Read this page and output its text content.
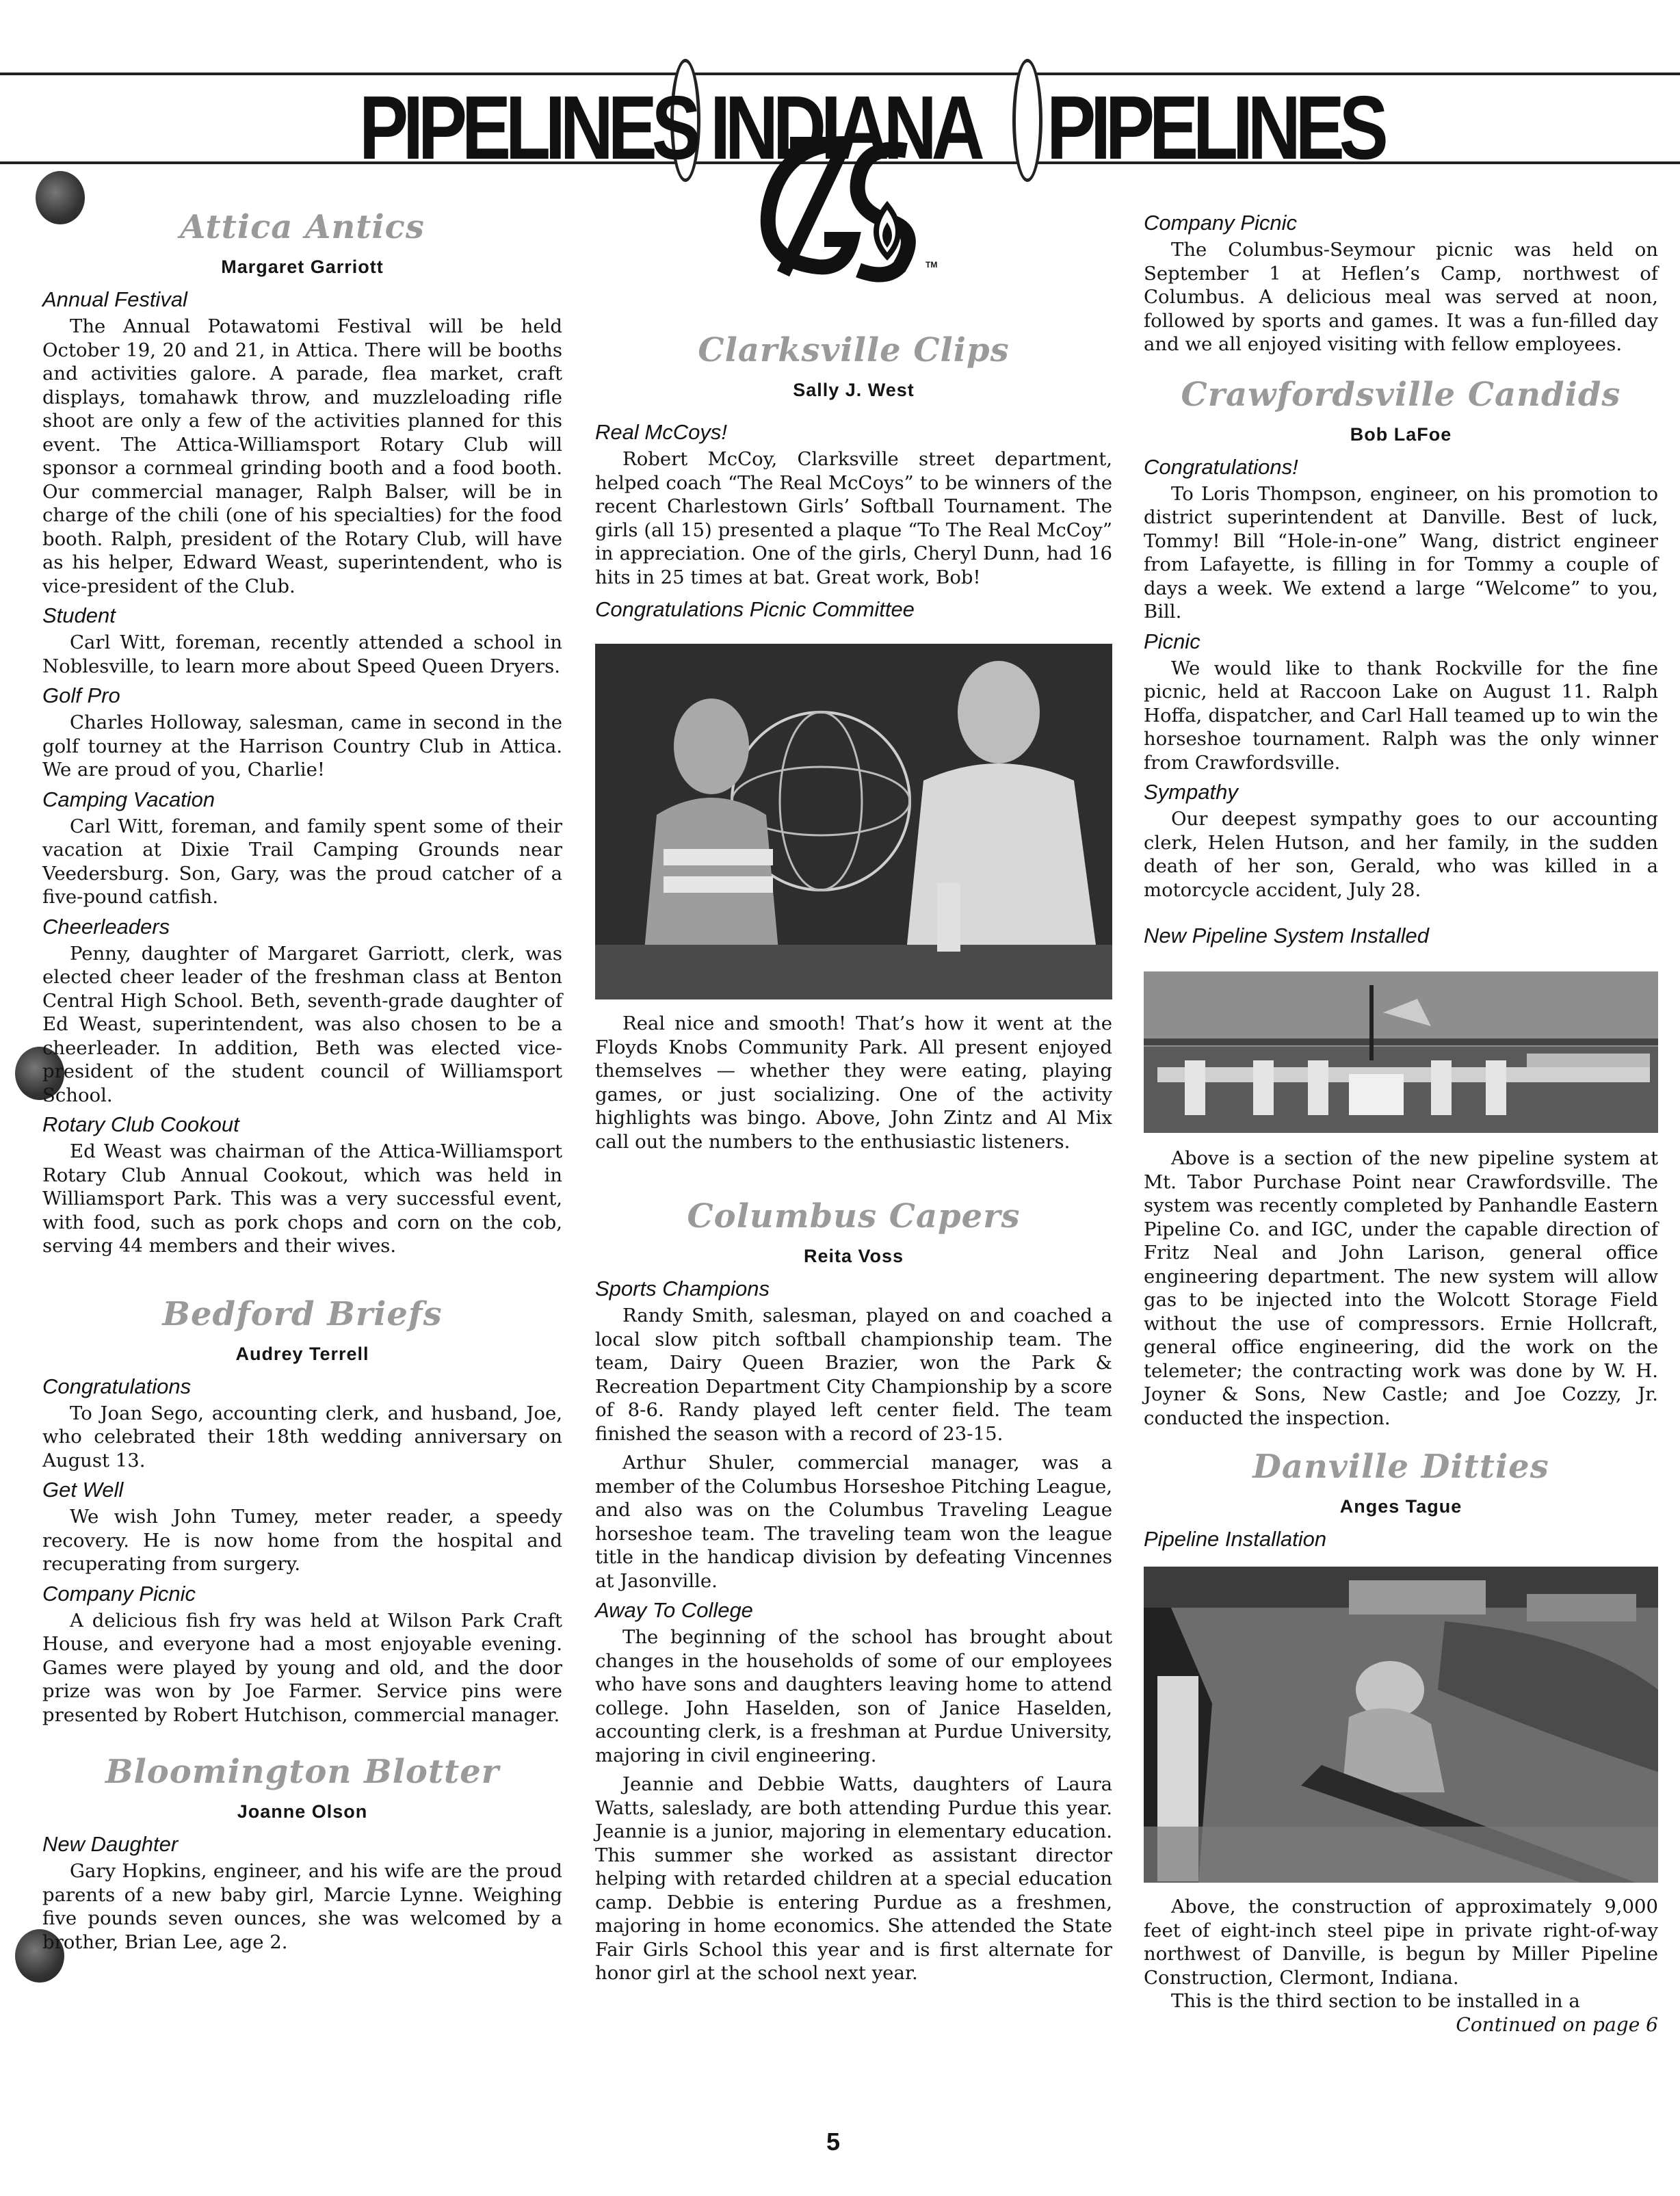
PIPELINES INDIANA PIPELINES
TM
Attica Antics
Margaret Garriott
Annual Festival

The Annual Potawatomi Festival will be held October 19, 20 and 21, in Attica. There will be booths and activities galore. A parade, flea market, craft displays, tomahawk throw, and muzzleloading rifle shoot are only a few of the activities planned for this event. The Attica-Williamsport Rotary Club will sponsor a cornmeal grinding booth and a food booth. Our commercial manager, Ralph Balser, will be in charge of the chili (one of his specialties) for the food booth. Ralph, president of the Rotary Club, will have as his helper, Edward Weast, superintendent, who is vice-president of the Club.

Student

Carl Witt, foreman, recently attended a school in Noblesville, to learn more about Speed Queen Dryers.

Golf Pro

Charles Holloway, salesman, came in second in the golf tourney at the Harrison Country Club in Attica. We are proud of you, Charlie!

Camping Vacation

Carl Witt, foreman, and family spent some of their vacation at Dixie Trail Camping Grounds near Veedersburg. Son, Gary, was the proud catcher of a five-pound catfish.

Cheerleaders

Penny, daughter of Margaret Garriott, clerk, was elected cheer leader of the freshman class at Benton Central High School. Beth, seventh-grade daughter of Ed Weast, superintendent, was also chosen to be a cheerleader. In addition, Beth was elected vice-president of the student council of Williamsport School.

Rotary Club Cookout

Ed Weast was chairman of the Attica-Williamsport Rotary Club Annual Cookout, which was held in Williamsport Park. This was a very successful event, with food, such as pork chops and corn on the cob, serving 44 members and their wives.

Bedford Briefs
Audrey Terrell
Congratulations

To Joan Sego, accounting clerk, and husband, Joe, who celebrated their 18th wedding anniversary on August 13.

Get Well

We wish John Tumey, meter reader, a speedy recovery. He is now home from the hospital and recuperating from surgery.

Company Picnic

A delicious fish fry was held at Wilson Park Craft House, and everyone had a most enjoyable evening. Games were played by young and old, and the door prize was won by Joe Farmer. Service pins were presented by Robert Hutchison, commercial manager.

Bloomington Blotter
Joanne Olson
New Daughter

Gary Hopkins, engineer, and his wife are the proud parents of a new baby girl, Marcie Lynne. Weighing five pounds seven ounces, she was welcomed by a brother, Brian Lee, age 2.

Clarksville Clips
Sally J. West
Real McCoys!

Robert McCoy, Clarksville street department, helped coach “The Real McCoys” to be winners of the recent Charlestown Girls’ Softball Tournament. The girls (all 15) presented a plaque “To The Real McCoy” in appreciation. One of the girls, Cheryl Dunn, had 16 hits in 25 times at bat. Great work, Bob!

Congratulations Picnic Committee

Real nice and smooth! That’s how it went at the Floyds Knobs Community Park. All present enjoyed themselves — whether they were eating, playing games, or just socializing. One of the activity highlights was bingo. Above, John Zintz and Al Mix call out the numbers to the enthusiastic listeners.

Columbus Capers
Reita Voss
Sports Champions

Randy Smith, salesman, played on and coached a local slow pitch softball championship team. The team, Dairy Queen Brazier, won the Park & Recreation Department City Championship by a score of 8-6. Randy played left center field. The team finished the season with a record of 23-15.

Arthur Shuler, commercial manager, was a member of the Columbus Horseshoe Pitching League, and also was on the Columbus Traveling League horseshoe team. The traveling team won the league title in the handicap division by defeating Vincennes at Jasonville.

Away To College

The beginning of the school has brought about changes in the households of some of our employees who have sons and daughters leaving home to attend college. John Haselden, son of Janice Haselden, accounting clerk, is a freshman at Purdue University, majoring in civil engineering.

Jeannie and Debbie Watts, daughters of Laura Watts, saleslady, are both attending Purdue this year. Jeannie is a junior, majoring in elementary education. This summer she worked as assistant director helping with retarded children at a special education camp. Debbie is entering Purdue as a freshmen, majoring in home economics. She attended the State Fair Girls School this year and is first alternate for honor girl at the school next year.

Company Picnic

The Columbus-Seymour picnic was held on September 1 at Heflen’s Camp, northwest of Columbus. A delicious meal was served at noon, followed by sports and games. It was a fun-filled day and we all enjoyed visiting with fellow employees.

Crawfordsville Candids
Bob LaFoe
Congratulations!

To Loris Thompson, engineer, on his promotion to district superintendent at Danville. Best of luck, Tommy! Bill “Hole-in-one” Wang, district engineer from Lafayette, is filling in for Tommy a couple of days a week. We extend a large “Welcome” to you, Bill.

Picnic

We would like to thank Rockville for the fine picnic, held at Raccoon Lake on August 11. Ralph Hoffa, dispatcher, and Carl Hall teamed up to win the horseshoe tournament. Ralph was the only winner from Crawfordsville.

Sympathy

Our deepest sympathy goes to our accounting clerk, Helen Hutson, and her family, in the sudden death of her son, Gerald, who was killed in a motorcycle accident, July 28.

New Pipeline System Installed

Above is a section of the new pipeline system at Mt. Tabor Purchase Point near Crawfordsville. The system was recently completed by Panhandle Eastern Pipeline Co. and IGC, under the capable direction of Fritz Neal and John Larison, general office engineering department. The new system will allow gas to be injected into the Wolcott Storage Field without the use of compressors. Ernie Hollcraft, general office engineering, did the work on the telemeter; the contracting work was done by W. H. Joyner & Sons, New Castle; and Joe Cozzy, Jr. conducted the inspection.

Danville Ditties
Anges Tague
Pipeline Installation

Above, the construction of approximately 9,000 feet of eight-inch steel pipe in private right-of-way northwest of Danville, is begun by Miller Pipeline Construction, Clermont, Indiana.

This is the third section to be installed in a

Continued on page 6

5
